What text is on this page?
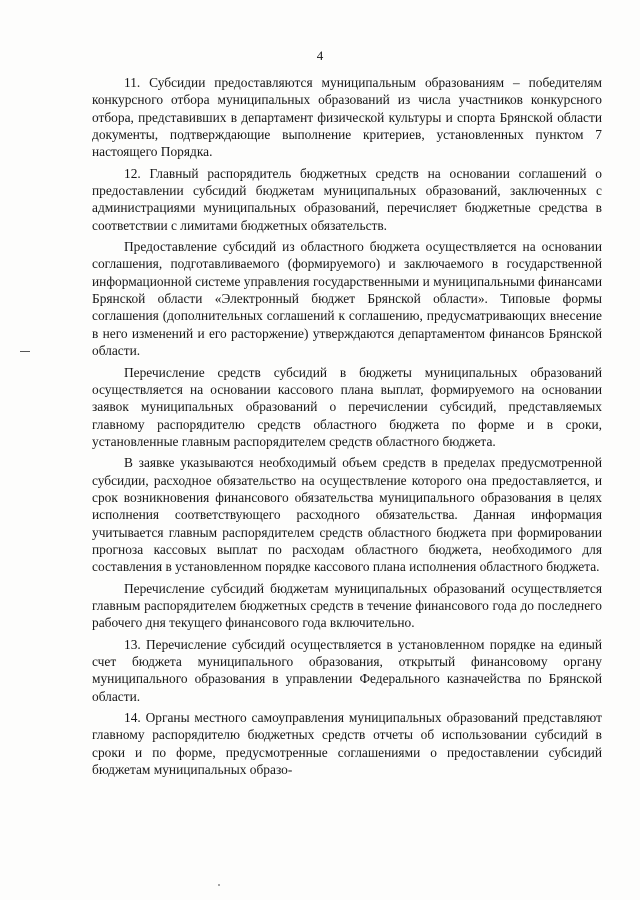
4

11. Субсидии предоставляются муниципальным образованиям – победителям конкурсного отбора муниципальных образований из числа участников конкурсного отбора, представивших в департамент физической культуры и спорта Брянской области документы, подтверждающие выполнение критериев, установленных пунктом 7 настоящего Порядка.

12. Главный распорядитель бюджетных средств на основании соглашений о предоставлении субсидий бюджетам муниципальных образований, заключенных с администрациями муниципальных образований, перечисляет бюджетные средства в соответствии с лимитами бюджетных обязательств.

Предоставление субсидий из областного бюджета осуществляется на основании соглашения, подготавливаемого (формируемого) и заключаемого в государственной информационной системе управления государственными и муниципальными финансами Брянской области «Электронный бюджет Брянской области». Типовые формы соглашения (дополнительных соглашений к соглашению, предусматривающих внесение в него изменений и его расторжение) утверждаются департаментом финансов Брянской области.

Перечисление средств субсидий в бюджеты муниципальных образований осуществляется на основании кассового плана выплат, формируемого на основании заявок муниципальных образований о перечислении субсидий, представляемых главному распорядителю средств областного бюджета по форме и в сроки, установленные главным распорядителем средств областного бюджета.

В заявке указываются необходимый объем средств в пределах предусмотренной субсидии, расходное обязательство на осуществление которого она предоставляется, и срок возникновения финансового обязательства муниципального образования в целях исполнения соответствующего расходного обязательства. Данная информация учитывается главным распорядителем средств областного бюджета при формировании прогноза кассовых выплат по расходам областного бюджета, необходимого для составления в установленном порядке кассового плана исполнения областного бюджета.

Перечисление субсидий бюджетам муниципальных образований осуществляется главным распорядителем бюджетных средств в течение финансового года до последнего рабочего дня текущего финансового года включительно.

13. Перечисление субсидий осуществляется в установленном порядке на единый счет бюджета муниципального образования, открытый финансовому органу муниципального образования в управлении Федерального казначейства по Брянской области.

14. Органы местного самоуправления муниципальных образований представляют главному распорядителю бюджетных средств отчеты об использовании субсидий в сроки и по форме, предусмотренные соглашениями о предоставлении субсидий бюджетам муниципальных образо-
